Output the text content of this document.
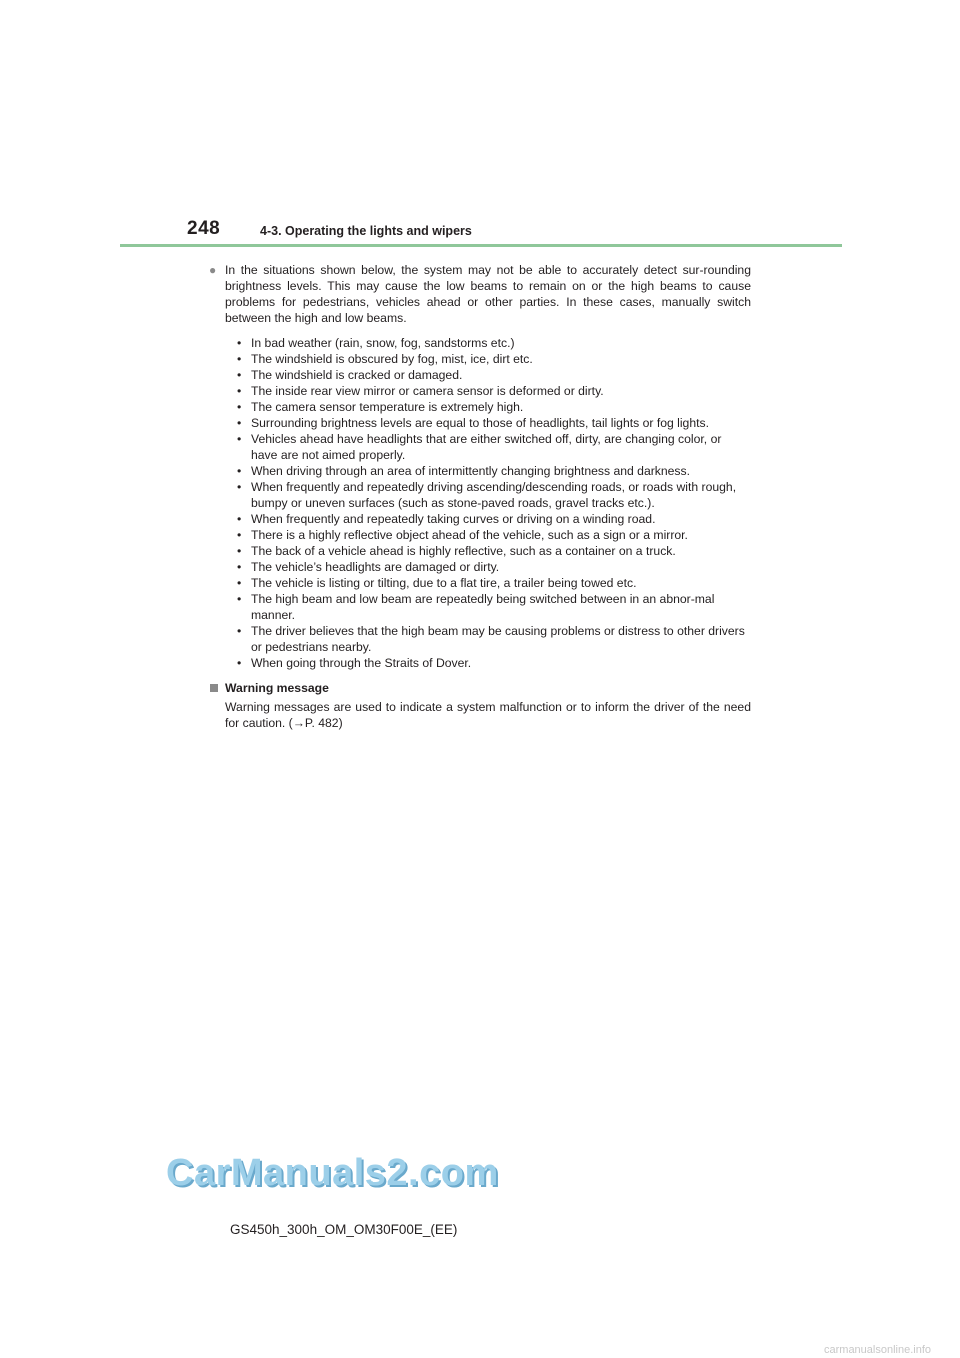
248	4-3. Operating the lights and wipers
● In the situations shown below, the system may not be able to accurately detect sur-rounding brightness levels. This may cause the low beams to remain on or the high beams to cause problems for pedestrians, vehicles ahead or other parties. In these cases, manually switch between the high and low beams.
• In bad weather (rain, snow, fog, sandstorms etc.)
• The windshield is obscured by fog, mist, ice, dirt etc.
• The windshield is cracked or damaged.
• The inside rear view mirror or camera sensor is deformed or dirty.
• The camera sensor temperature is extremely high.
• Surrounding brightness levels are equal to those of headlights, tail lights or fog lights.
• Vehicles ahead have headlights that are either switched off, dirty, are changing color, or have are not aimed properly.
• When driving through an area of intermittently changing brightness and darkness.
• When frequently and repeatedly driving ascending/descending roads, or roads with rough, bumpy or uneven surfaces (such as stone-paved roads, gravel tracks etc.).
• When frequently and repeatedly taking curves or driving on a winding road.
• There is a highly reflective object ahead of the vehicle, such as a sign or a mirror.
• The back of a vehicle ahead is highly reflective, such as a container on a truck.
• The vehicle’s headlights are damaged or dirty.
• The vehicle is listing or tilting, due to a flat tire, a trailer being towed etc.
• The high beam and low beam are repeatedly being switched between in an abnor-mal manner.
• The driver believes that the high beam may be causing problems or distress to other drivers or pedestrians nearby.
• When going through the Straits of Dover.
Warning message
Warning messages are used to indicate a system malfunction or to inform the driver of the need for caution. (→P. 482)
CarManuals2.com
GS450h_300h_OM_OM30F00E_(EE)
carmanualsonline.info
